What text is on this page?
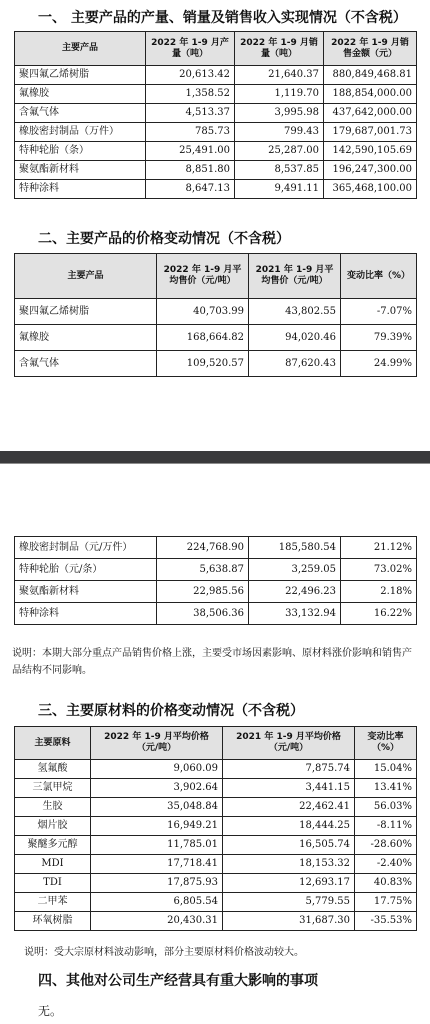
一、 主要产品的产量、销量及销售收入实现情况（不含税）
主要产品	2022 年 1-9 月产量（吨）	2022 年 1-9 月销量（吨）	2022 年 1-9 月销售金额（元）
聚四氟乙烯树脂	20,613.42	21,640.37	880,849,468.81
氟橡胶	1,358.52	1,119.70	188,854,000.00
含氟气体	4,513.37	3,995.98	437,642,000.00
橡胶密封制品（万件）	785.73	799.43	179,687,001.73
特种轮胎（条）	25,491.00	25,287.00	142,590,105.69
聚氨酯新材料	8,851.80	8,537.85	196,247,300.00
特种涂料	8,647.13	9,491.11	365,468,100.00
二、主要产品的价格变动情况（不含税）
主要产品	2022 年 1-9 月平均售价（元/吨）	2021 年 1-9 月平均售价（元/吨）	变动比率（%）
聚四氟乙烯树脂	40,703.99	43,802.55	-7.07%
氟橡胶	168,664.82	94,020.46	79.39%
含氟气体	109,520.57	87,620.43	24.99%
橡胶密封制品（元/万件）	224,768.90	185,580.54	21.12%
特种轮胎（元/条）	5,638.87	3,259.05	73.02%
聚氨酯新材料	22,985.56	22,496.23	2.18%
特种涂料	38,506.36	33,132.94	16.22%
说明：本期大部分重点产品销售价格上涨，主要受市场因素影响、原材料涨价影响和销售产品结构不同影响。
三、主要原材料的价格变动情况（不含税）
主要原料	2022 年 1-9 月平均价格（元/吨）	2021 年 1-9 月平均价格（元/吨）	变动比率（%）
氢氟酸	9,060.09	7,875.74	15.04%
三氯甲烷	3,902.64	3,441.15	13.41%
生胶	35,048.84	22,462.41	56.03%
烟片胶	16,949.21	18,444.25	-8.11%
聚醚多元醇	11,785.01	16,505.74	-28.60%
MDI	17,718.41	18,153.32	-2.40%
TDI	17,875.93	12,693.17	40.83%
二甲苯	6,805.54	5,779.55	17.75%
环氧树脂	20,430.31	31,687.30	-35.53%
说明：受大宗原材料波动影响，部分主要原材料价格波动较大。
四、其他对公司生产经营具有重大影响的事项
无。
